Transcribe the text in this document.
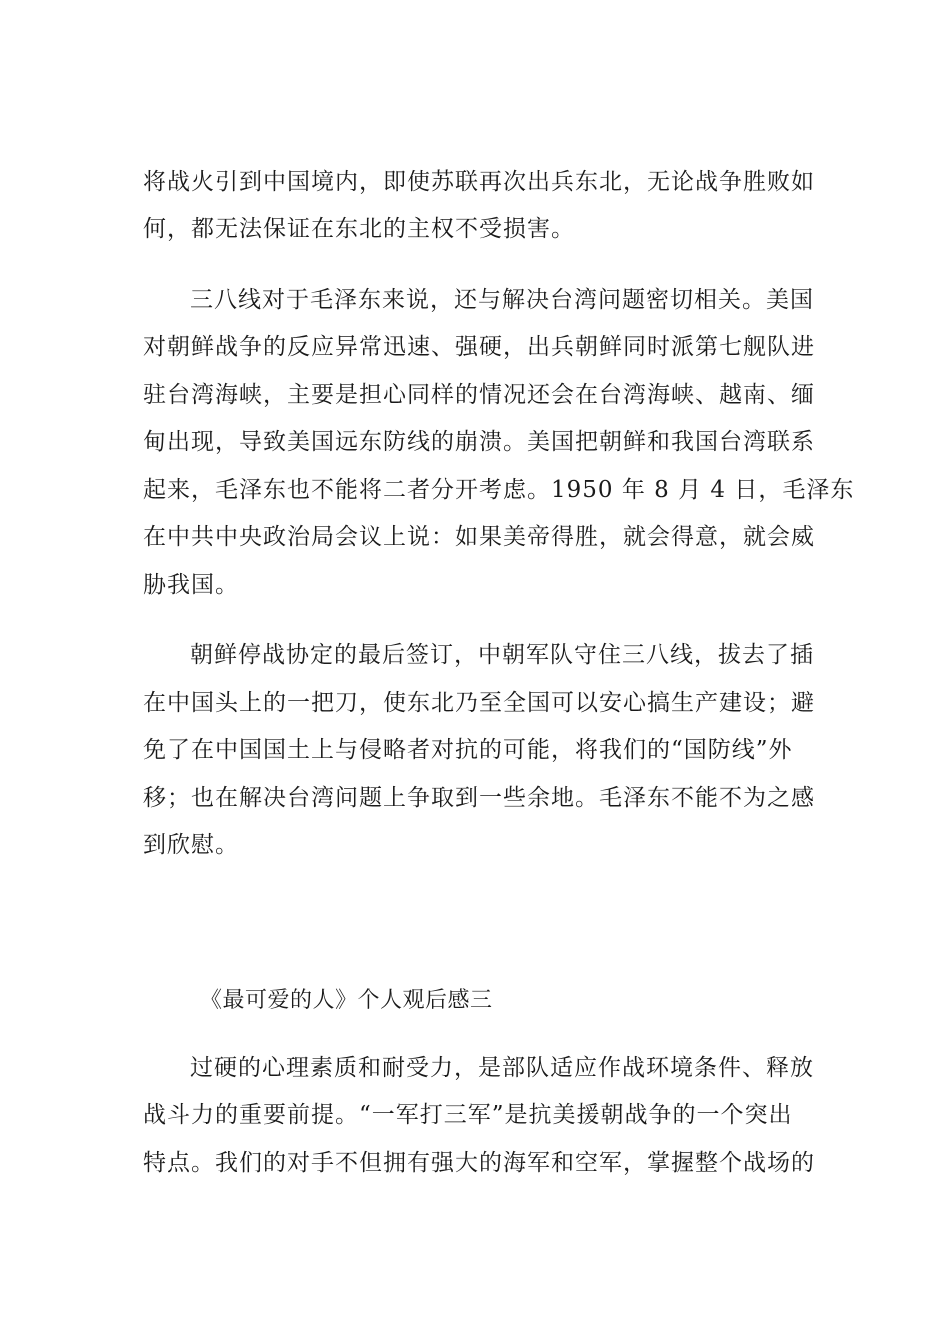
将战火引到中国境内，即使苏联再次出兵东北，无论战争胜败如
何，都无法保证在东北的主权不受损害。
三八线对于毛泽东来说，还与解决台湾问题密切相关。美国
对朝鲜战争的反应异常迅速、强硬，出兵朝鲜同时派第七舰队进
驻台湾海峡，主要是担心同样的情况还会在台湾海峡、越南、缅
甸出现，导致美国远东防线的崩溃。美国把朝鲜和我国台湾联系
起来，毛泽东也不能将二者分开考虑。1950 年 8 月 4 日，毛泽东
在中共中央政治局会议上说：如果美帝得胜，就会得意，就会威
胁我国。
朝鲜停战协定的最后签订，中朝军队守住三八线，拔去了插
在中国头上的一把刀，使东北乃至全国可以安心搞生产建设；避
免了在中国国土上与侵略者对抗的可能，将我们的“国防线”外
移；也在解决台湾问题上争取到一些余地。毛泽东不能不为之感
到欣慰。
《最可爱的人》个人观后感三
过硬的心理素质和耐受力，是部队适应作战环境条件、释放
战斗力的重要前提。“一军打三军”是抗美援朝战争的一个突出
特点。我们的对手不但拥有强大的海军和空军，掌握整个战场的
